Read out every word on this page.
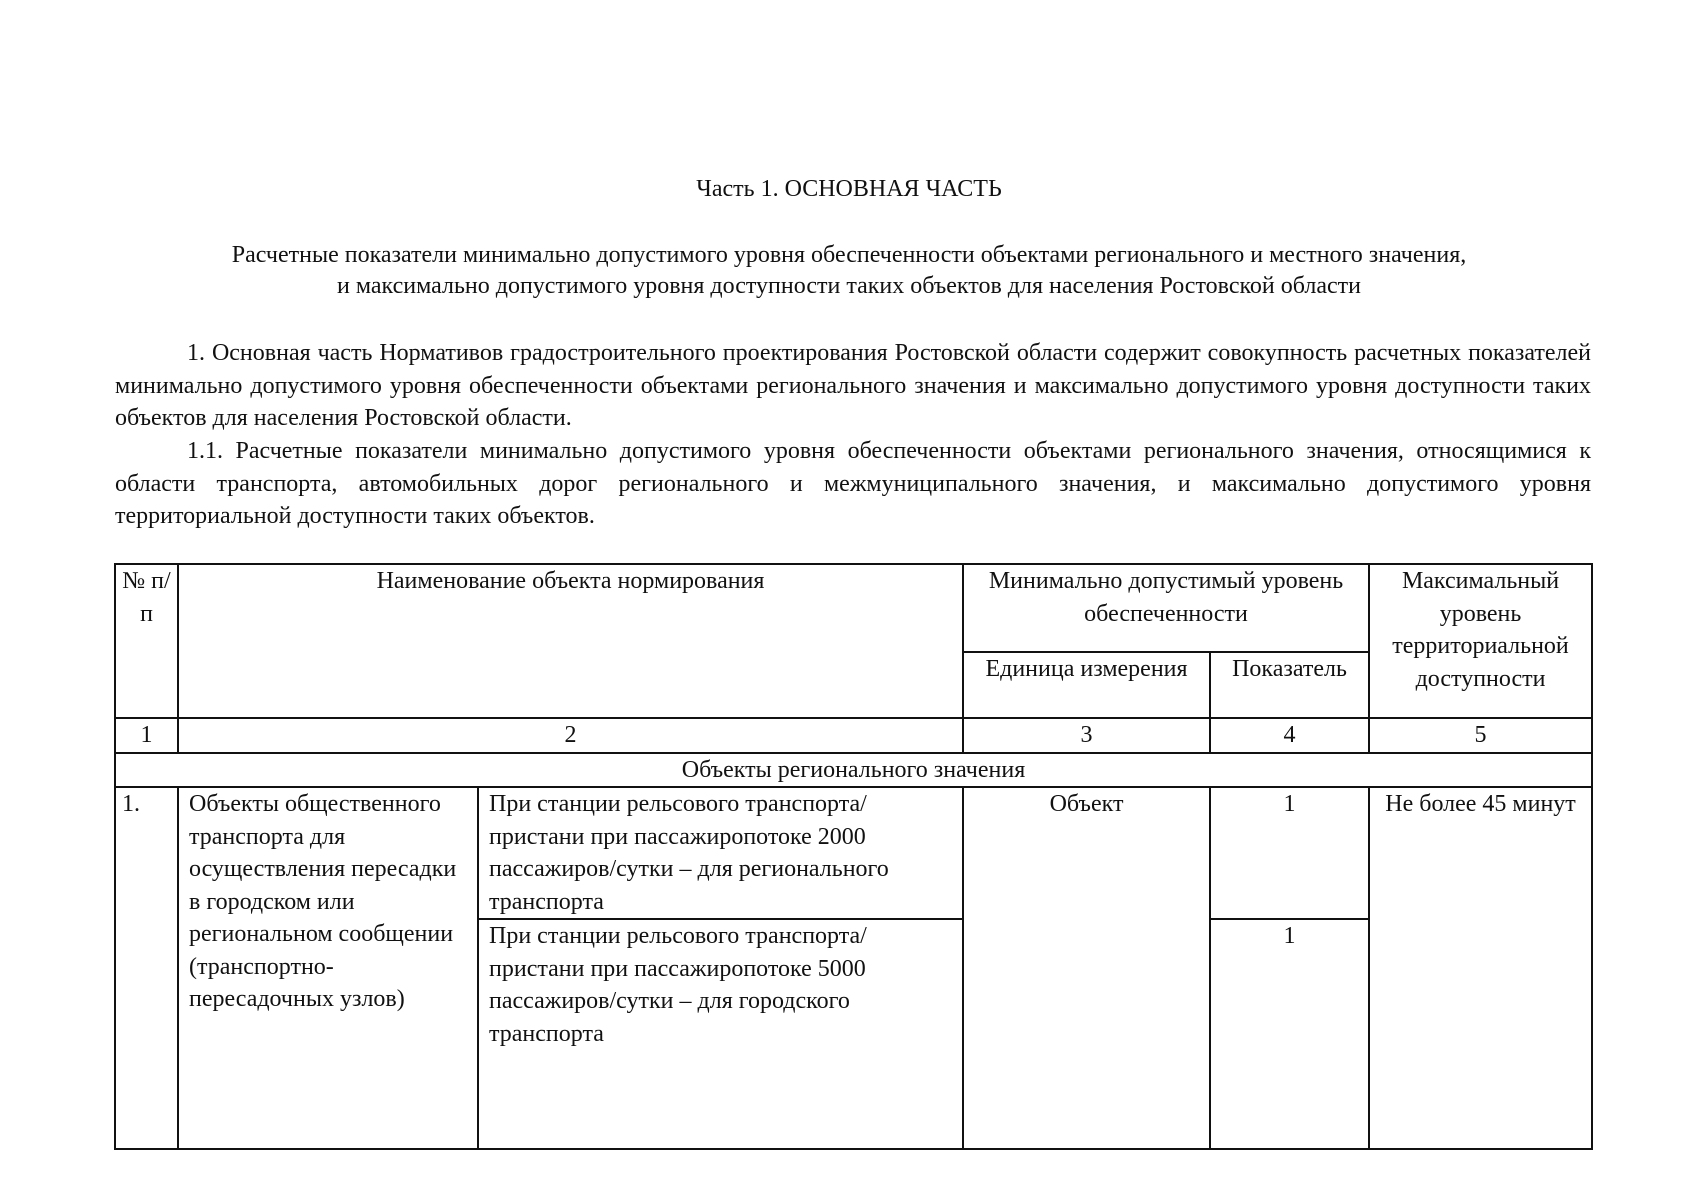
Часть 1. ОСНОВНАЯ ЧАСТЬ
Расчетные показатели минимально допустимого уровня обеспеченности объектами регионального и местного значения,
и максимально допустимого уровня доступности таких объектов для населения Ростовской области

1. Основная часть Нормативов градостроительного проектирования Ростовской области содержит совокупность расчетных показателей минимально допустимого уровня обеспеченности объектами регионального значения и максимально допустимого уровня доступности таких объектов для населения Ростовской области.

1.1. Расчетные показатели минимально допустимого уровня обеспеченности объектами регионального значения, относящимися к области транспорта, автомобильных дорог регионального и межмуниципального значения, и максимально допустимого уровня территориальной доступности таких объектов.

№ п/п	Наименование объекта нормирования		Минимально допустимый уровень обеспеченности		Максимальный уровень территориальной доступности
			Единица измерения	Показатель	
1	2		3	4	5
Объекты регионального значения					
1.	Объекты общественного транспорта для осуществления пересадки в городском или региональном сообщении (транспортно-пересадочных узлов)	При станции рельсового транспорта/ пристани при пассажиропотоке 2000 пассажиров/сутки – для регионального транспорта	Объект	1	Не более 45 минут
		При станции рельсового транспорта/ пристани при пассажиропотоке 5000 пассажиров/сутки – для городского транспорта		1	
